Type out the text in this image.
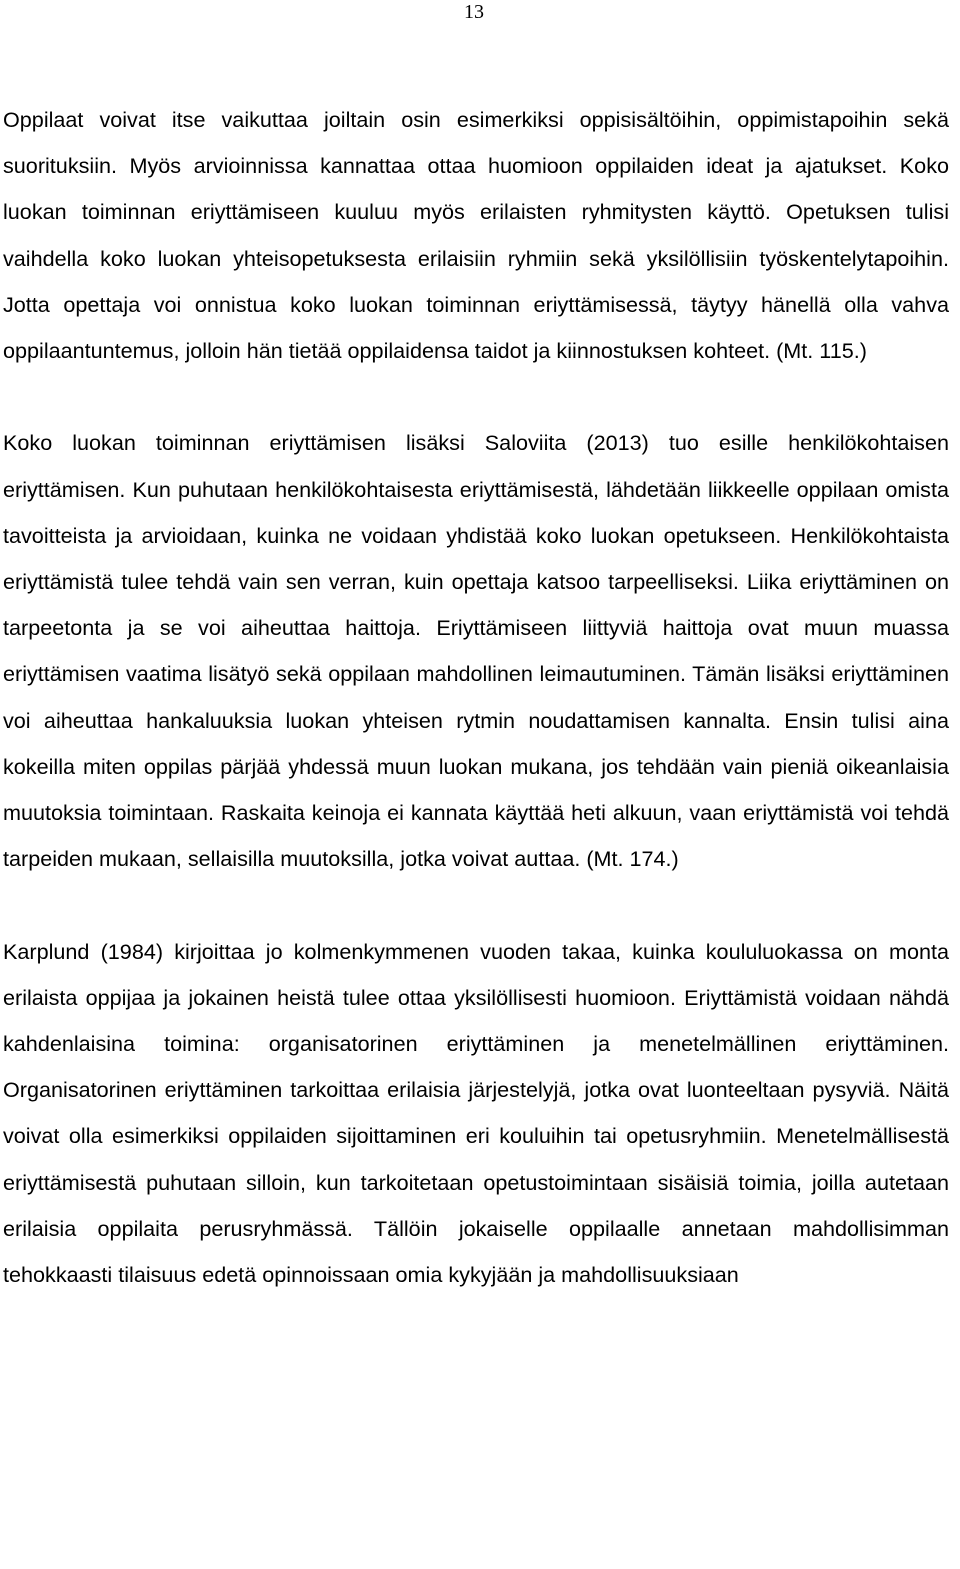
13

Oppilaat voivat itse vaikuttaa joiltain osin esimerkiksi oppisisältöihin, oppimistapoihin sekä suorituksiin. Myös arvioinnissa kannattaa ottaa huomioon oppilaiden ideat ja ajatukset. Koko luokan toiminnan eriyttämiseen kuuluu myös erilaisten ryhmitysten käyttö. Opetuksen tulisi vaihdella koko luokan yhteisopetuksesta erilaisiin ryhmiin sekä yksilöllisiin työskentelytapoihin. Jotta opettaja voi onnistua koko luokan toiminnan eriyttämisessä, täytyy hänellä olla vahva oppilaantuntemus, jolloin hän tietää oppilaidensa taidot ja kiinnostuksen kohteet. (Mt. 115.)

Koko luokan toiminnan eriyttämisen lisäksi Saloviita (2013) tuo esille henkilökohtaisen eriyttämisen. Kun puhutaan henkilökohtaisesta eriyttämisestä, lähdetään liikkeelle oppilaan omista tavoitteista ja arvioidaan, kuinka ne voidaan yhdistää koko luokan opetukseen. Henkilökohtaista eriyttämistä tulee tehdä vain sen verran, kuin opettaja katsoo tarpeelliseksi. Liika eriyttäminen on tarpeetonta ja se voi aiheuttaa haittoja. Eriyttämiseen liittyviä haittoja ovat muun muassa eriyttämisen vaatima lisätyö sekä oppilaan mahdollinen leimautuminen. Tämän lisäksi eriyttäminen voi aiheuttaa hankaluuksia luokan yhteisen rytmin noudattamisen kannalta. Ensin tulisi aina kokeilla miten oppilas pärjää yhdessä muun luokan mukana, jos tehdään vain pieniä oikeanlaisia muutoksia toimintaan. Raskaita keinoja ei kannata käyttää heti alkuun, vaan eriyttämistä voi tehdä tarpeiden mukaan, sellaisilla muutoksilla, jotka voivat auttaa. (Mt. 174.)

Karplund (1984) kirjoittaa jo kolmenkymmenen vuoden takaa, kuinka koululuokassa on monta erilaista oppijaa ja jokainen heistä tulee ottaa yksilöllisesti huomioon. Eriyttämistä voidaan nähdä kahdenlaisina toimina: organisatorinen eriyttäminen ja menetelmällinen eriyttäminen. Organisatorinen eriyttäminen tarkoittaa erilaisia järjestelyjä, jotka ovat luonteeltaan pysyviä. Näitä voivat olla esimerkiksi oppilaiden sijoittaminen eri kouluihin tai opetusryhmiin. Menetelmällisestä eriyttämisestä puhutaan silloin, kun tarkoitetaan opetustoimintaan sisäisiä toimia, joilla autetaan erilaisia oppilaita perusryhmässä. Tällöin jokaiselle oppilaalle annetaan mahdollisimman tehokkaasti tilaisuus edetä opinnoissaan omia kykyjään ja mahdollisuuksiaan
